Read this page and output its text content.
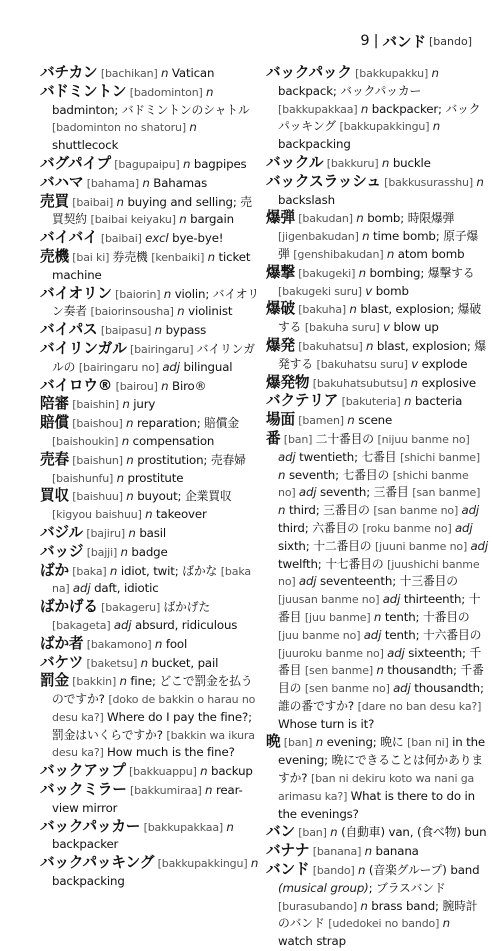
9 | バンド [bando]

バチカン [bachikan] n Vatican

バドミントン [badominton] n badminton; バドミントンのシャトル [badominton no shatoru] n shuttlecock

バグパイプ [bagupaipu] n bagpipes

バハマ [bahama] n Bahamas

売買 [baibai] n buying and selling; 売買契約 [baibai keiyaku] n bargain

バイバイ [baibai] excl bye-bye!

売機 [bai ki] 券売機 [kenbaiki] n ticket machine

バイオリン [baiorin] n violin; バイオリン奏者 [baiorinsousha] n violinist

バイパス [baipasu] n bypass

バイリンガル [bairingaru] バイリンガルの [bairingaru no] adj bilingual

バイロウ® [bairou] n Biro®

陪審 [baishin] n jury

賠償 [baishou] n reparation; 賠償金 [baishoukin] n compensation

売春 [baishun] n prostitution; 売春婦 [baishunfu] n prostitute

買収 [baishuu] n buyout; 企業買収 [kigyou baishuu] n takeover

バジル [bajiru] n basil

バッジ [bajji] n badge

ばか [baka] n idiot, twit; ばかな [baka na] adj daft, idiotic

ばかげる [bakageru] ばかげた [bakageta] adj absurd, ridiculous

ばか者 [bakamono] n fool

バケツ [baketsu] n bucket, pail

罰金 [bakkin] n fine; どこで罰金を払うのですか? [doko de bakkin o harau no desu ka?] Where do I pay the fine?; 罰金はいくらですか? [bakkin wa ikura desu ka?] How much is the fine?

バックアップ [bakkuappu] n backup

バックミラー [bakkumiraa] n rear-view mirror

バックパッカー [bakkupakkaa] n backpacker

バックパッキング [bakkupakkingu] n backpacking

バックパック [bakkupakku] n backpack; バックパッカー [bakkupakkaa] n backpacker; バックパッキング [bakkupakkingu] n backpacking

バックル [bakkuru] n buckle

バックスラッシュ [bakkusurasshu] n backslash

爆弾 [bakudan] n bomb; 時限爆弾 [jigenbakudan] n time bomb; 原子爆弾 [genshibakudan] n atom bomb

爆撃 [bakugeki] n bombing; 爆撃する [bakugeki suru] v bomb

爆破 [bakuha] n blast, explosion; 爆破する [bakuha suru] v blow up

爆発 [bakuhatsu] n blast, explosion; 爆発する [bakuhatsu suru] v explode

爆発物 [bakuhatsubutsu] n explosive

バクテリア [bakuteria] n bacteria

場面 [bamen] n scene

番 [ban] 二十番目の [nijuu banme no] adj twentieth; 七番目 [shichi banme] n seventh; 七番目の [shichi banme no] adj seventh; 三番目 [san banme] n third; 三番目の [san banme no] adj third; 六番目の [roku banme no] adj sixth; 十二番目の [juuni banme no] adj twelfth; 十七番目の [juushichi banme no] adj seventeenth; 十三番目の [juusan banme no] adj thirteenth; 十番目 [juu banme] n tenth; 十番目の [juu banme no] adj tenth; 十六番目の [juuroku banme no] adj sixteenth; 千番目 [sen banme] n thousandth; 千番目の [sen banme no] adj thousandth; 誰の番ですか? [dare no ban desu ka?] Whose turn is it?

晩 [ban] n evening; 晩に [ban ni] in the evening; 晩にできることは何かありますか? [ban ni dekiru koto wa nani ga arimasu ka?] What is there to do in the evenings?

バン [ban] n (自動車) van, (食べ物) bun

バナナ [banana] n banana

バンド [bando] n (音楽グループ) band (musical group); ブラスバンド [burasubando] n brass band; 腕時計のバンド [udedokei no bando] n watch strap
